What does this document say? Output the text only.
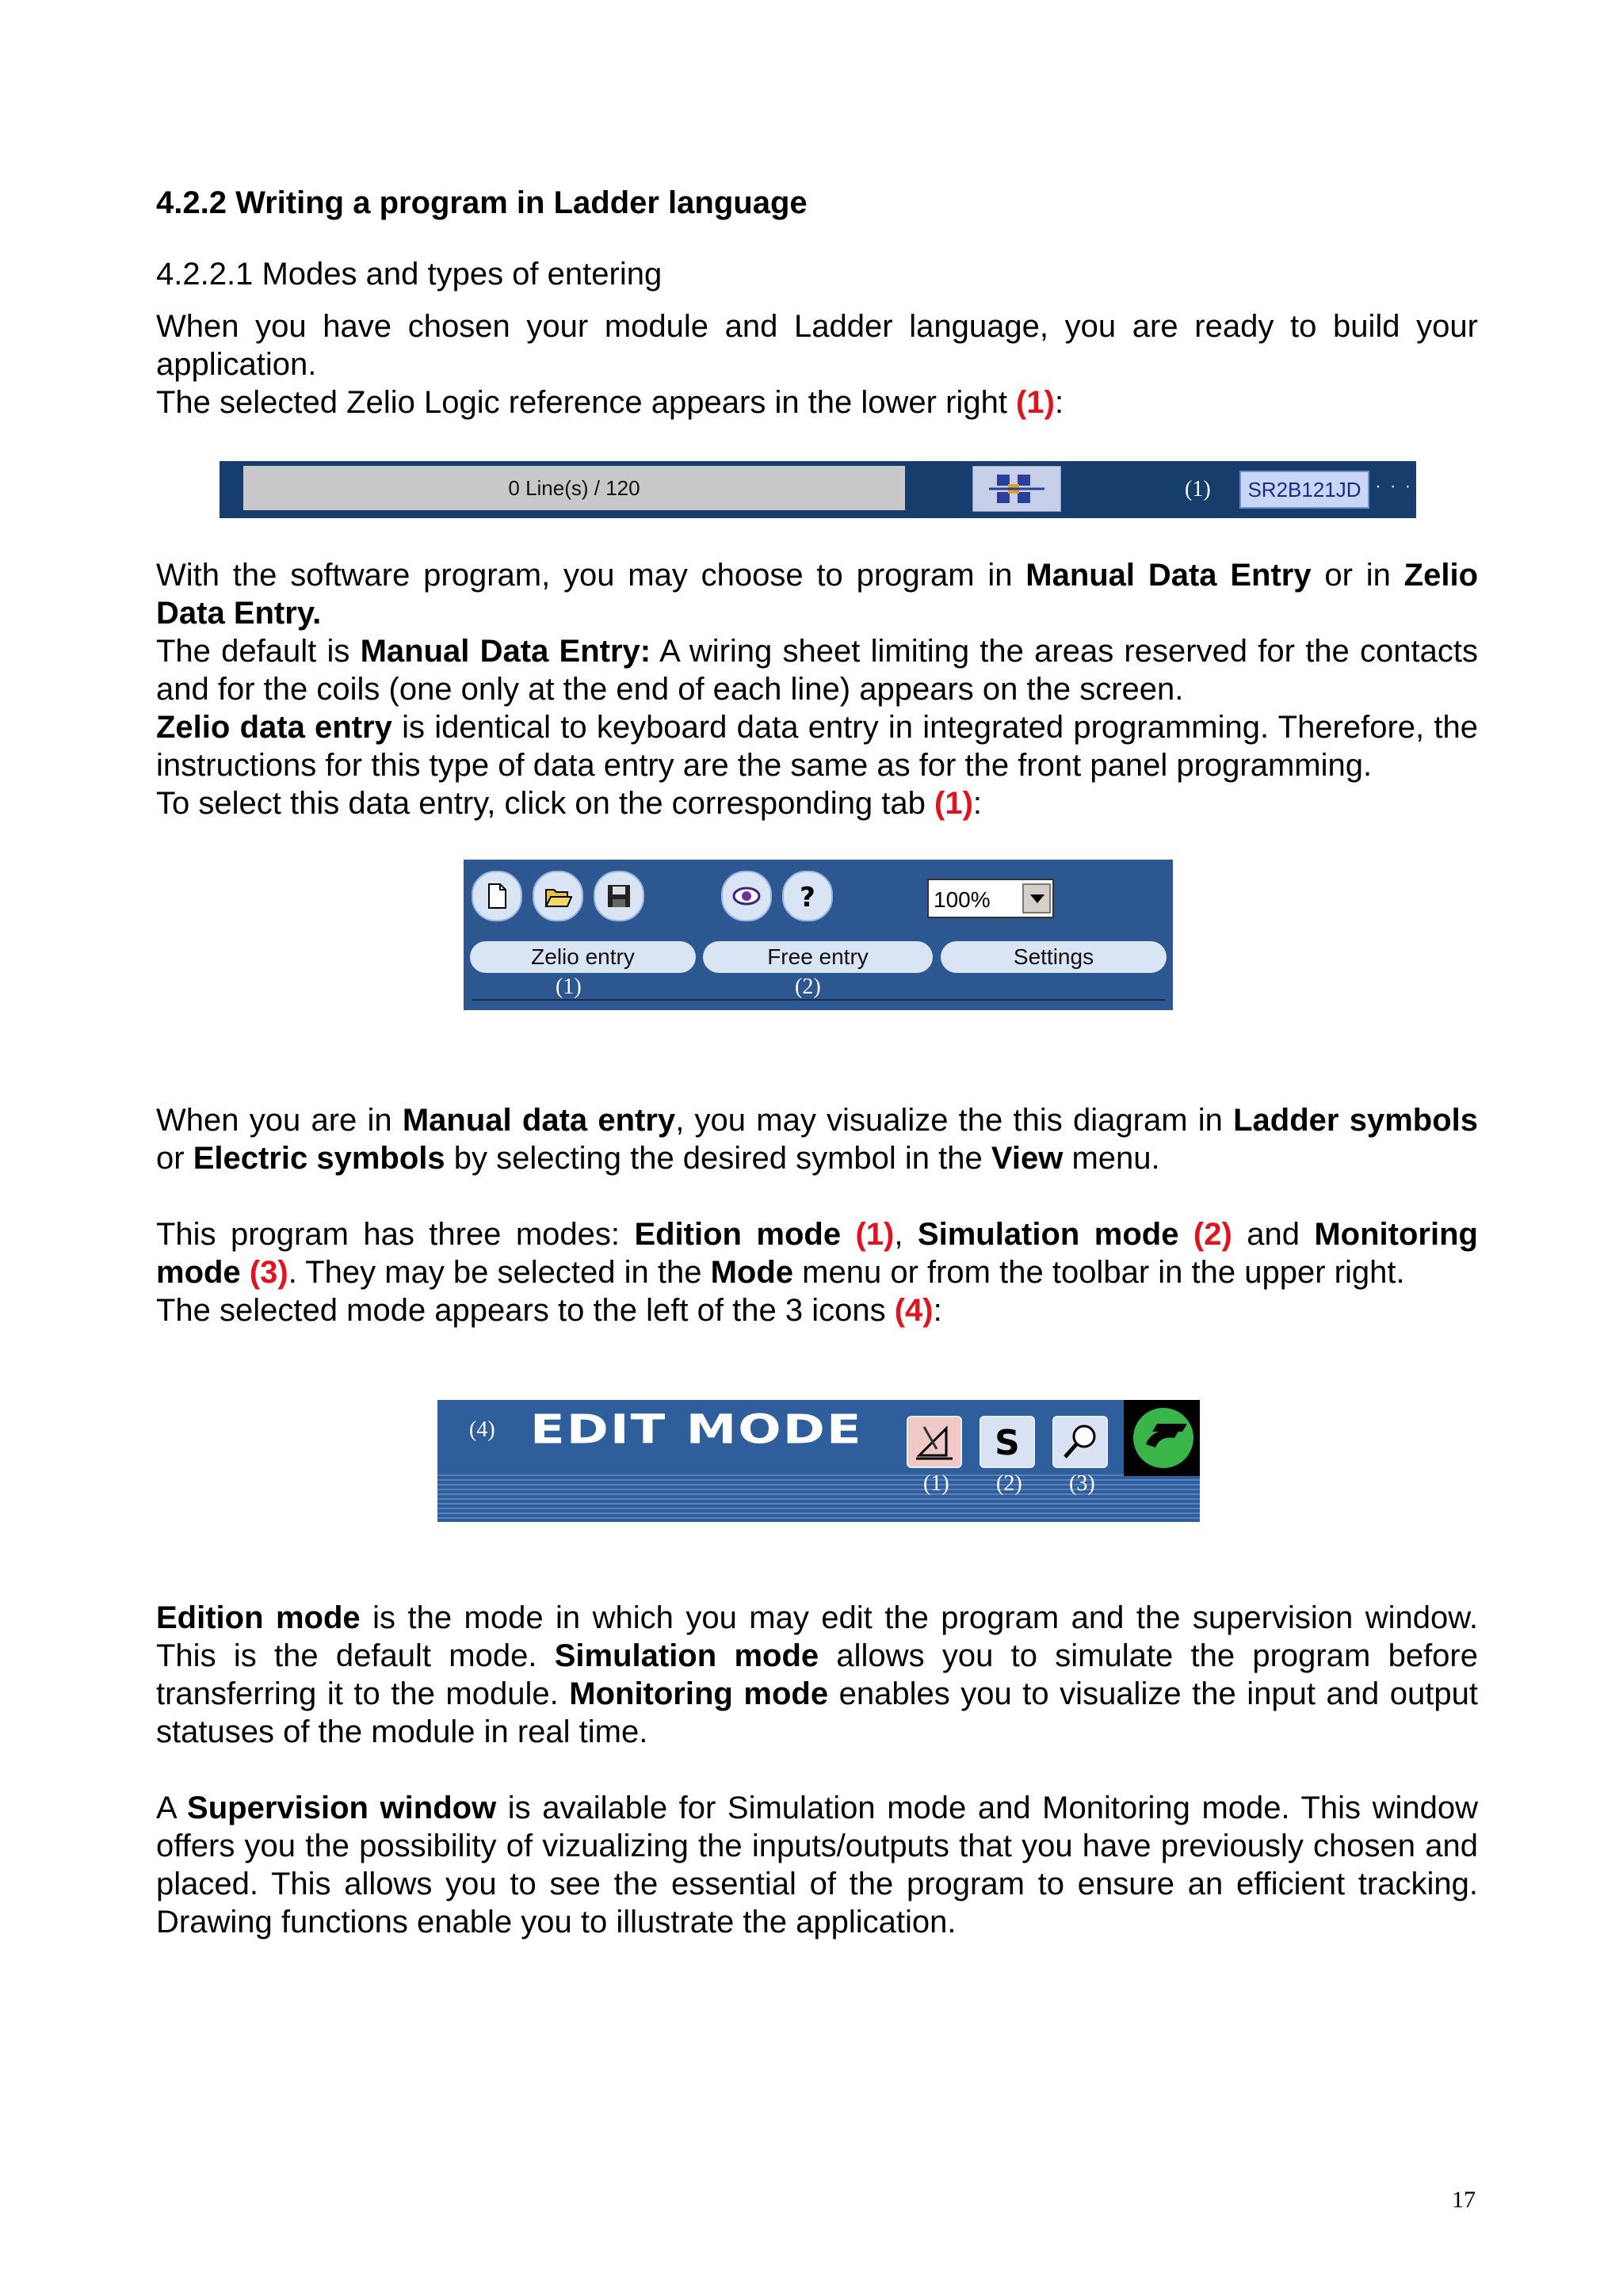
4.2.2 Writing a program in Ladder language
4.2.2.1 Modes and types of entering
When you have chosen your module and Ladder language, you are ready to build your application.
The selected Zelio Logic reference appears in the lower right (1):
0 Line(s) / 120	(1)	SR2B121JD · · ·
With the software program, you may choose to program in Manual Data Entry or in Zelio Data Entry.
The default is Manual Data Entry: A wiring sheet limiting the areas reserved for the contacts and for the coils (one only at the end of each line) appears on the screen.
Zelio data entry is identical to keyboard data entry in integrated programming. Therefore, the instructions for this type of data entry are the same as for the front panel programming.
To select this data entry, click on the corresponding tab (1):
?	100%
Zelio entry	Free entry	Settings
(1)	(2)
When you are in Manual data entry, you may visualize the this diagram in Ladder symbols or Electric symbols by selecting the desired symbol in the View menu.
This program has three modes: Edition mode (1), Simulation mode (2) and Monitoring mode (3). They may be selected in the Mode menu or from the toolbar in the upper right.
The selected mode appears to the left of the 3 icons (4):
(4) EDIT MODE	S
(1) (2) (3)
Edition mode is the mode in which you may edit the program and the supervision window. This is the default mode. Simulation mode allows you to simulate the program before transferring it to the module. Monitoring mode enables you to visualize the input and output statuses of the module in real time.
A Supervision window is available for Simulation mode and Monitoring mode. This window offers you the possibility of vizualizing the inputs/outputs that you have previously chosen and placed. This allows you to see the essential of the program to ensure an efficient tracking. Drawing functions enable you to illustrate the application.
17
